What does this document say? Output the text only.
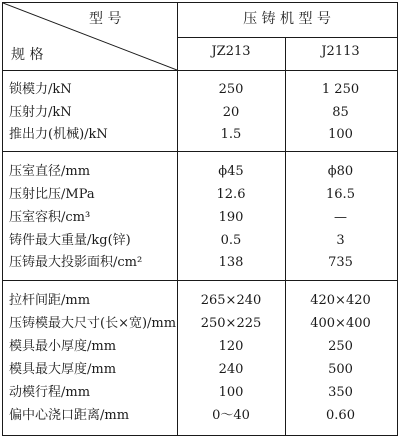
型 号
规 格
压 铸 机 型 号
JZ213	J2113
锁模力/kN	250	1 250
压射力/kN	20	85
推出力(机械)/kN	1.5	100
压室直径/mm	ϕ45	ϕ80
压射比压/MPa	12.6	16.5
压室容积/cm³	190	—
铸件最大重量/kg(锌)	0.5	3
压铸最大投影面积/cm²	138	735
拉杆间距/mm	265×240	420×420
压铸模最大尺寸(长×宽)/mm	250×225	400×400
模具最小厚度/mm	120	250
模具最大厚度/mm	240	500
动模行程/mm	100	350
偏中心浇口距离/mm	0～40	0.60
